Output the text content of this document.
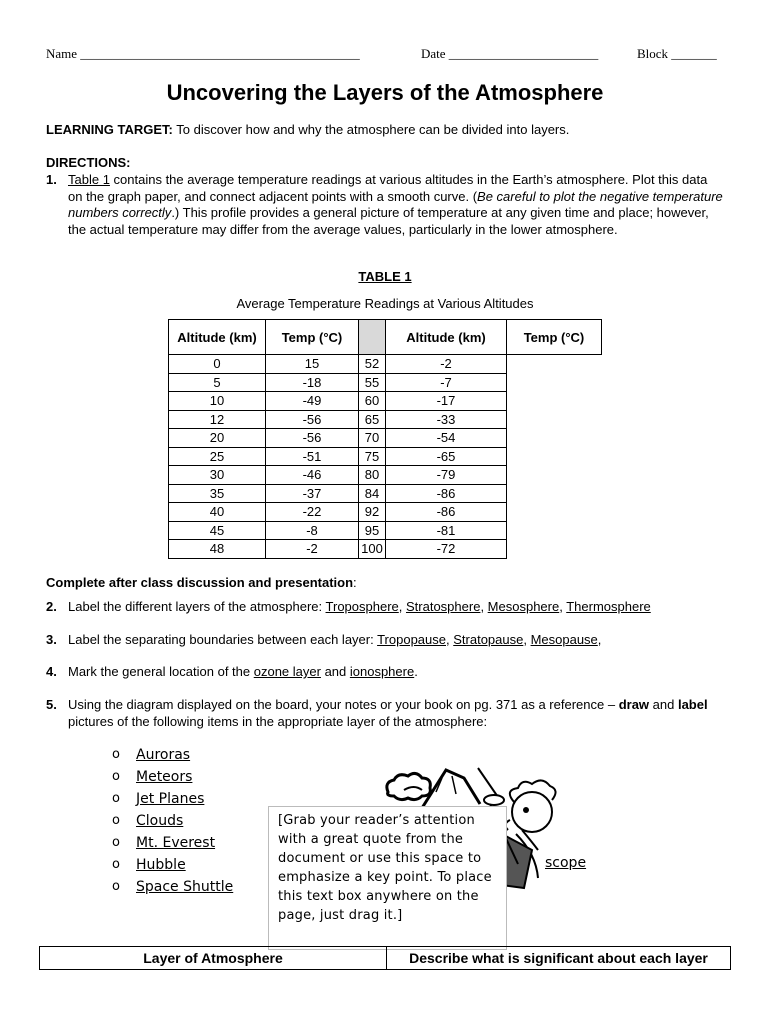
Name ___________________________________________	Date _______________________	Block _______
Uncovering the Layers of the Atmosphere
LEARNING TARGET: To discover how and why the atmosphere can be divided into layers.
DIRECTIONS:
1. Table 1 contains the average temperature readings at various altitudes in the Earth’s atmosphere. Plot this data on the graph paper, and connect adjacent points with a smooth curve. (Be careful to plot the negative temperature numbers correctly.) This profile provides a general picture of temperature at any given time and place; however, the actual temperature may differ from the average values, particularly in the lower atmosphere.
TABLE 1
Average Temperature Readings at Various Altitudes
Altitude (km)	Temp (°C)		Altitude (km)	Temp (°C)
0	15	52	-2	
5	-18	55	-7	
10	-49	60	-17	
12	-56	65	-33	
20	-56	70	-54	
25	-51	75	-65	
30	-46	80	-79	
35	-37	84	-86	
40	-22	92	-86	
45	-8	95	-81	
48	-2	100	-72	
Complete after class discussion and presentation:
2. Label the different layers of the atmosphere: Troposphere, Stratosphere, Mesosphere, Thermosphere
3. Label the separating boundaries between each layer: Tropopause, Stratopause, Mesopause,
4. Mark the general location of the ozone layer and ionosphere.
5. Using the diagram displayed on the board, your notes or your book on pg. 371 as a reference – draw and label pictures of the following items in the appropriate layer of the atmosphere:
o Auroras
o Meteors
o Jet Planes
o Clouds
o Mt. Everest
o Hubble
o Space Shuttle
scope
[Grab your reader’s attention with a great quote from the document or use this space to emphasize a key point. To place this text box anywhere on the page, just drag it.]
Layer of Atmosphere	Describe what is significant about each layer
